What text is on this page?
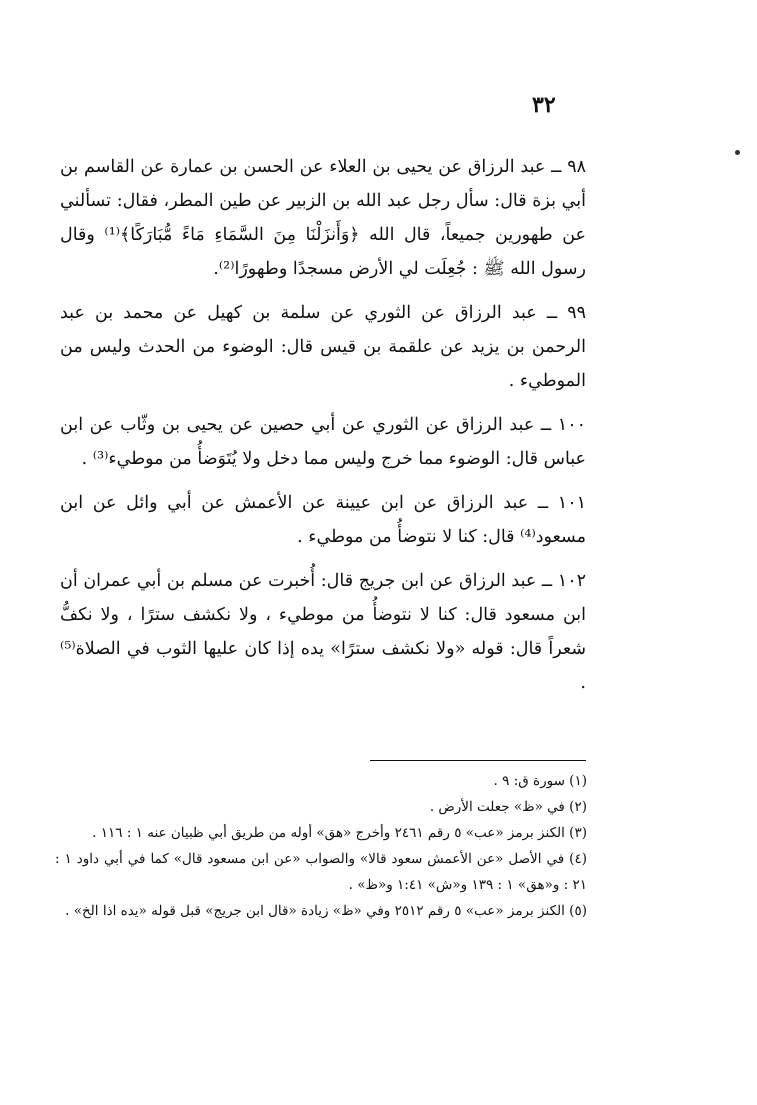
٣٢

٩٨ ــ عبد الرزاق عن يحيى بن العلاء عن الحسن بن عمارة عن القاسم بن أبي بزة قال: سأل رجل عبد الله بن الزبير عن طين المطر، فقال: تسألني عن طهورين جميعاً، قال الله ﴿وَأَنزَلْنَا مِنَ السَّمَاءِ مَاءً مُّبَارَكًا﴾⁽¹⁾ وقال رسول الله ﷺ : جُعِلَت لي الأرض مسجدًا وطهورًا⁽²⁾.

٩٩ ــ عبد الرزاق عن الثوري عن سلمة بن كهيل عن محمد بن عبد الرحمن بن يزيد عن علقمة بن قيس قال: الوضوء من الحدث وليس من الموطيء .

١٠٠ ــ عبد الرزاق عن الثوري عن أبي حصين عن يحيى بن وثّاب عن ابن عباس قال: الوضوء مما خرج وليس مما دخل ولا يُتَوَضأُ من موطيء⁽³⁾ .

١٠١ ــ عبد الرزاق عن ابن عيينة عن الأعمش عن أبي وائل عن ابن مسعود⁽⁴⁾ قال: كنا لا نتوضأُ من موطيء .

١٠٢ ــ عبد الرزاق عن ابن جريج قال: أُخبرت عن مسلم بن أبي عمران أن ابن مسعود قال: كنا لا نتوضأُ من موطيء ، ولا نكشف سترًا ، ولا نكفُّ شعراً قال: قوله «ولا نكشف سترًا» يده إذا كان عليها الثوب في الصلاة⁽⁵⁾ .

(١) سورة ق: ٩ .

(٢) في «ظ» جعلت الأرض .

(٣) الكنز برمز «عب» ٥ رقم ٢٤٦١ وأخرج «هق» أوله من طريق أبي ظبيان عنه ١ : ١١٦ .

(٤) في الأصل «عن الأعمش سعود قالا» والصواب «عن ابن مسعود قال» كما في أبي داود ١ : ٢١ : و«هق» ١ : ١٣٩ و«ش» ١:٤١ و«ظ» .

(٥) الكنز برمز «عب» ٥ رقم ٢٥١٢ وفي «ظ» زيادة «قال ابن جريج» قبل قوله «يده اذا الخ» .
